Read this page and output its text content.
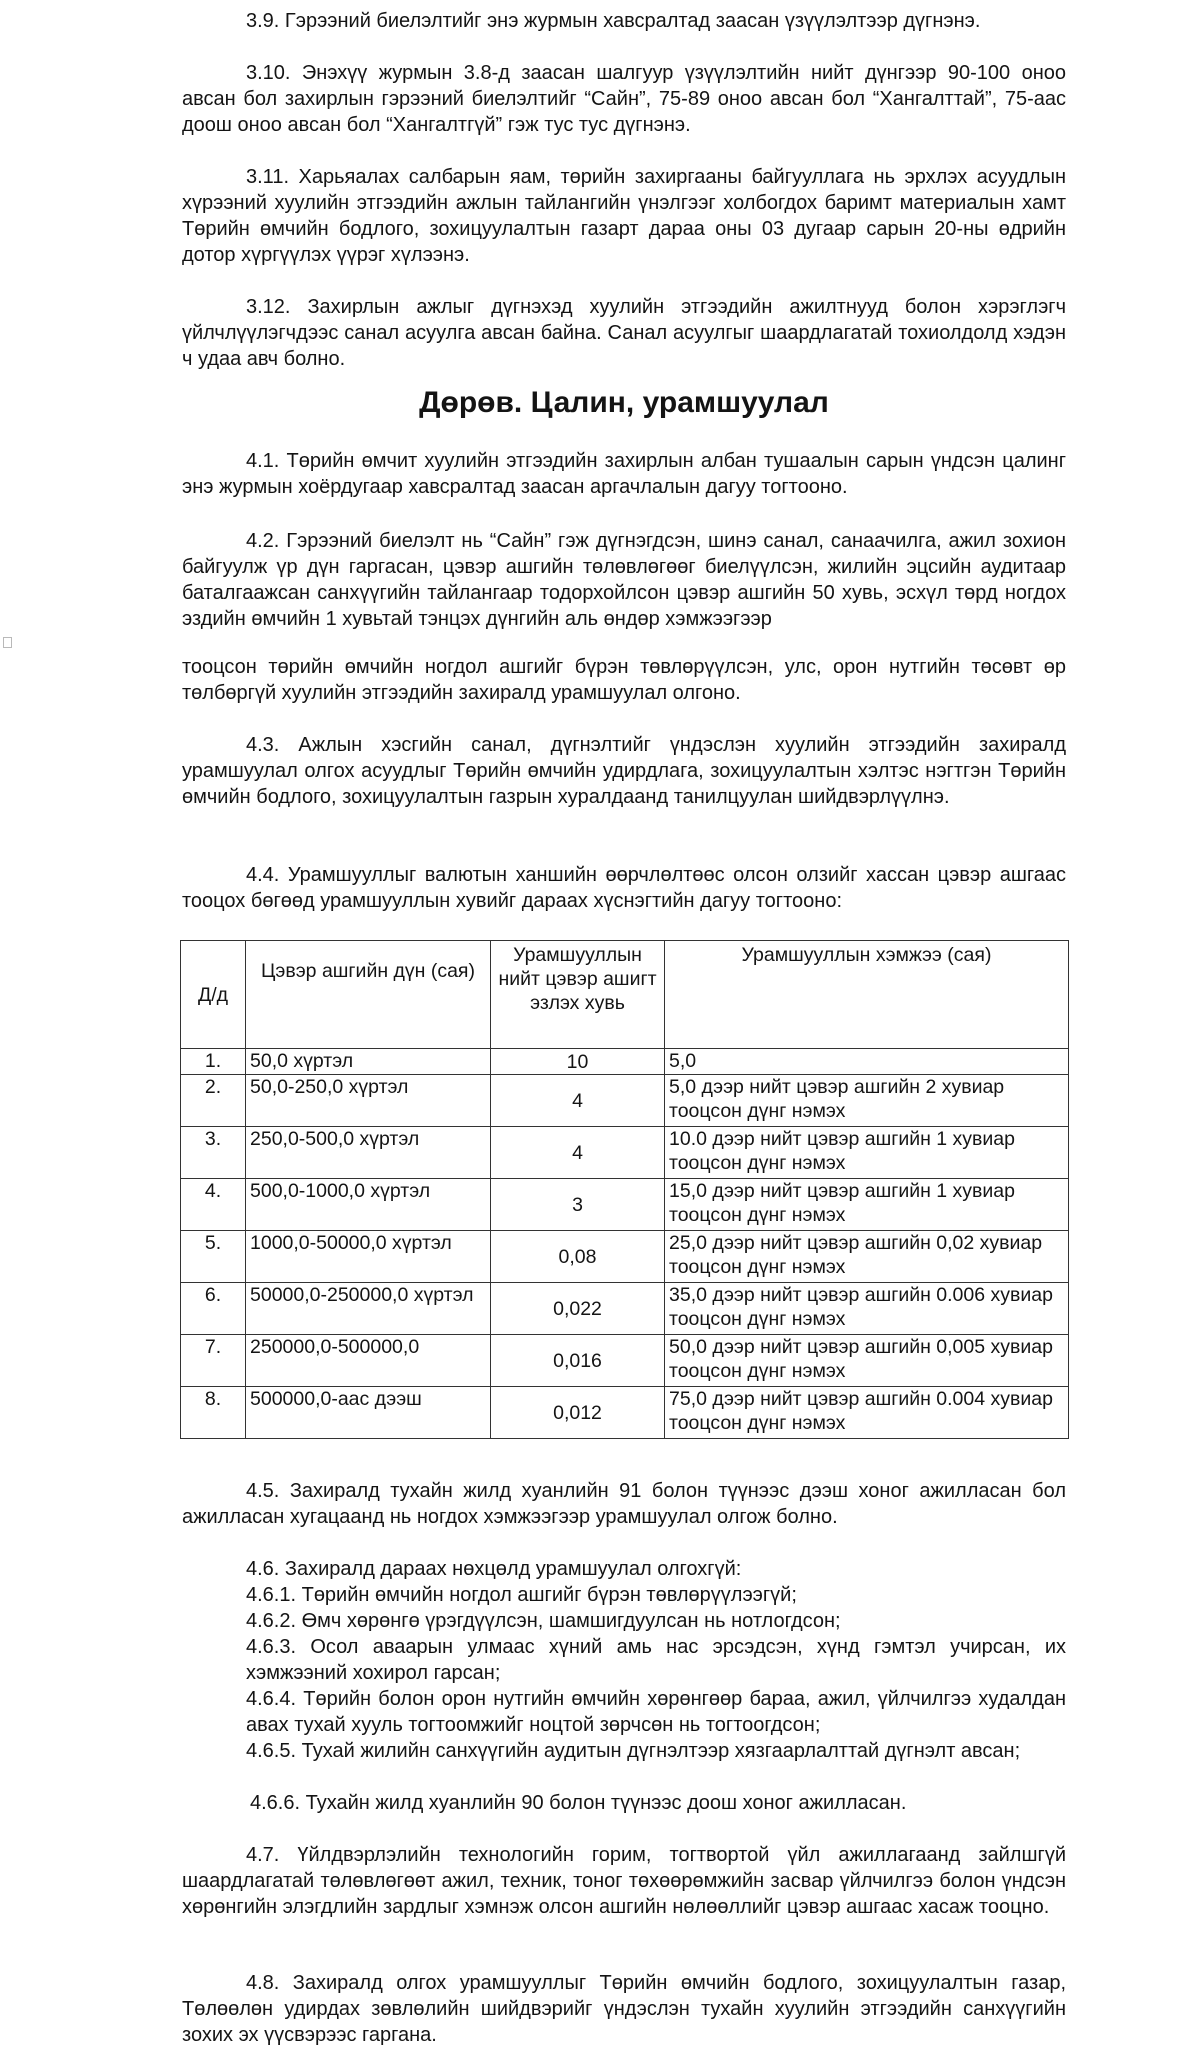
3.9. Гэрээний биелэлтийг энэ журмын хавсралтад заасан үзүүлэлтээр дүгнэнэ.

3.10. Энэхүү журмын 3.8-д заасан шалгуур үзүүлэлтийн нийт дүнгээр 90-100 оноо авсан бол захирлын гэрээний биелэлтийг “Сайн”, 75-89 оноо авсан бол “Хангалттай”, 75-аас доош оноо авсан бол “Хангалтгүй” гэж тус тус дүгнэнэ.

3.11. Харьяалах салбарын яам, төрийн захиргааны байгууллага нь эрхлэх асуудлын хүрээний хуулийн этгээдийн ажлын тайлангийн үнэлгээг холбогдох баримт материалын хамт Төрийн өмчийн бодлого, зохицуулалтын газарт дараа оны 03 дугаар сарын 20-ны өдрийн дотор хүргүүлэх үүрэг хүлээнэ.

3.12. Захирлын ажлыг дүгнэхэд хуулийн этгээдийн ажилтнууд болон хэрэглэгч үйлчлүүлэгчдээс санал асуулга авсан байна. Санал асуулгыг шаардлагатай тохиолдолд хэдэн ч удаа авч болно.

Дөрөв. Цалин, урамшуулал

4.1. Төрийн өмчит хуулийн этгээдийн захирлын албан тушаалын сарын үндсэн цалинг энэ журмын хоёрдугаар хавсралтад заасан аргачлалын дагуу тогтооно.

4.2. Гэрээний биелэлт нь “Сайн” гэж дүгнэгдсэн, шинэ санал, санаачилга, ажил зохион байгуулж үр дүн гаргасан, цэвэр ашгийн төлөвлөгөөг биелүүлсэн, жилийн эцсийн аудитаар баталгаажсан санхүүгийн тайлангаар тодорхойлсон цэвэр ашгийн 50 хувь, эсхүл төрд ногдох эздийн өмчийн 1 хувьтай тэнцэх дүнгийн аль өндөр хэмжээгээр

тооцсон төрийн өмчийн ногдол ашгийг бүрэн төвлөрүүлсэн, улс, орон нутгийн төсөвт өр төлбөргүй хуулийн этгээдийн захиралд урамшуулал олгоно.

4.3. Ажлын хэсгийн санал, дүгнэлтийг үндэслэн хуулийн этгээдийн захиралд урамшуулал олгох асуудлыг Төрийн өмчийн удирдлага, зохицуулалтын хэлтэс нэгтгэн Төрийн өмчийн бодлого, зохицуулалтын газрын хуралдаанд танилцуулан шийдвэрлүүлнэ.

4.4. Урамшууллыг валютын ханшийн өөрчлөлтөөс олсон олзийг хассан цэвэр ашгаас тооцох бөгөөд урамшууллын хувийг дараах хүснэгтийн дагуу тогтооно:

Д/д	Цэвэр ашгийн дүн (сая)	Урамшууллын нийт цэвэр ашигт эзлэх хувь	Урамшууллын хэмжээ (сая)
1.	50,0 хүртэл	10	5,0
2.	50,0-250,0 хүртэл	4	5,0 дээр нийт цэвэр ашгийн 2 хувиар тооцсон дүнг нэмэх
3.	250,0-500,0 хүртэл	4	10.0 дээр нийт цэвэр ашгийн 1 хувиар тооцсон дүнг нэмэх
4.	500,0-1000,0 хүртэл	3	15,0 дээр нийт цэвэр ашгийн 1 хувиар тооцсон дүнг нэмэх
5.	1000,0-50000,0 хүртэл	0,08	25,0 дээр нийт цэвэр ашгийн 0,02 хувиар тооцсон дүнг нэмэх
6.	50000,0-250000,0 хүртэл	0,022	35,0 дээр нийт цэвэр ашгийн 0.006 хувиар тооцсон дүнг нэмэх
7.	250000,0-500000,0	0,016	50,0 дээр нийт цэвэр ашгийн 0,005 хувиар тооцсон дүнг нэмэх
8.	500000,0-аас дээш	0,012	75,0 дээр нийт цэвэр ашгийн 0.004 хувиар тооцсон дүнг нэмэх

4.5. Захиралд тухайн жилд хуанлийн 91 болон түүнээс дээш хоног ажилласан бол ажилласан хугацаанд нь ногдох хэмжээгээр урамшуулал олгож болно.

4.6. Захиралд дараах нөхцөлд урамшуулал олгохгүй:

4.6.1. Төрийн өмчийн ногдол ашгийг бүрэн төвлөрүүлээгүй;

4.6.2. Өмч хөрөнгө үрэгдүүлсэн, шамшигдуулсан нь нотлогдсон;

4.6.3. Осол аваарын улмаас хүний амь нас эрсэдсэн, хүнд гэмтэл учирсан, их хэмжээний хохирол гарсан;

4.6.4. Төрийн болон орон нутгийн өмчийн хөрөнгөөр бараа, ажил, үйлчилгээ худалдан авах тухай хууль тогтоомжийг ноцтой зөрчсөн нь тогтоогдсон;

4.6.5. Тухай жилийн санхүүгийн аудитын дүгнэлтээр хязгаарлалттай дүгнэлт авсан;

4.6.6. Тухайн жилд хуанлийн 90 болон түүнээс доош хоног ажилласан.

4.7. Үйлдвэрлэлийн технологийн горим, тогтвортой үйл ажиллагаанд зайлшгүй шаардлагатай төлөвлөгөөт ажил, техник, тоног төхөөрөмжийн засвар үйлчилгээ болон үндсэн хөрөнгийн элэгдлийн зардлыг хэмнэж олсон ашгийн нөлөөллийг цэвэр ашгаас хасаж тооцно.

4.8. Захиралд олгох урамшууллыг Төрийн өмчийн бодлого, зохицуулалтын газар, Төлөөлөн удирдах зөвлөлийн шийдвэрийг үндэслэн тухайн хуулийн этгээдийн санхүүгийн зохих эх үүсвэрээс гаргана.
